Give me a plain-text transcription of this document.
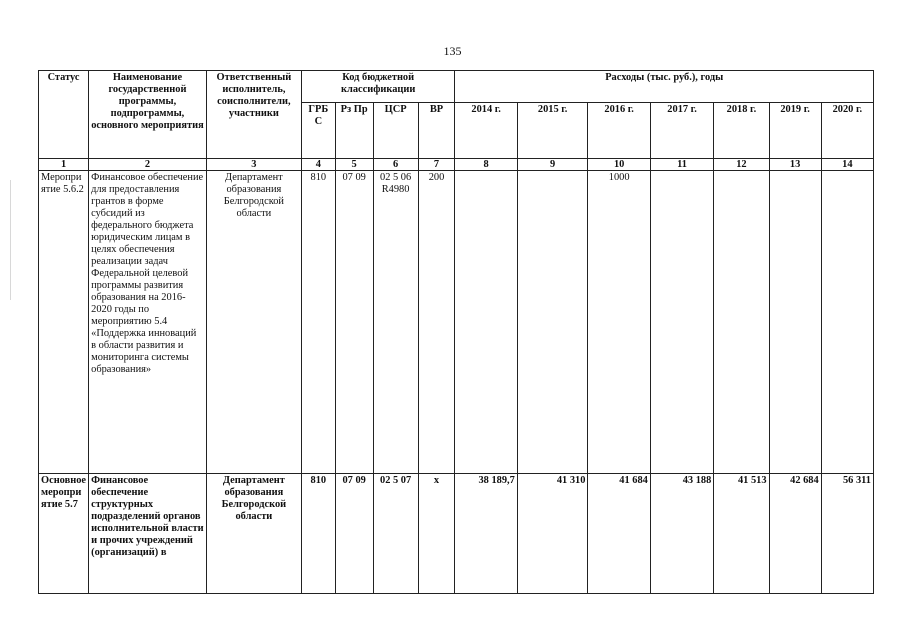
135
Статус	Наименование государственной программы, подпрограммы, основного мероприятия	Ответственный исполнитель, соисполнители, участники	Код бюджетной классификации				Расходы (тыс. руб.), годы						
			ГРБ С	Рз Пр	ЦСР	ВР	2014 г.	2015 г.	2016 г.	2017 г.	2018 г.	2019 г.	2020 г.
1	2	3	4	5	6	7	8	9	10	11	12	13	14
Мероприятие 5.6.2	Финансовое обеспечение для предоставления грантов в форме субсидий из федерального бюджета юридическим лицам в целях обеспечения реализации задач Федеральной целевой программы развития образования на 2016-2020 годы по мероприятию 5.4 «Поддержка инноваций в области развития и мониторинга системы образования»	Департамент образования Белгородской области	810	07 09	02 5 06 R4980	200			1000				
Основное мероприятие 5.7	Финансовое обеспечение структурных подразделений органов исполнительной власти и прочих учреждений (организаций) в	Департамент образования Белгородской области	810	07 09	02 5 07	х	38 189,7	41 310	41 684	43 188	41 513	42 684	56 311
